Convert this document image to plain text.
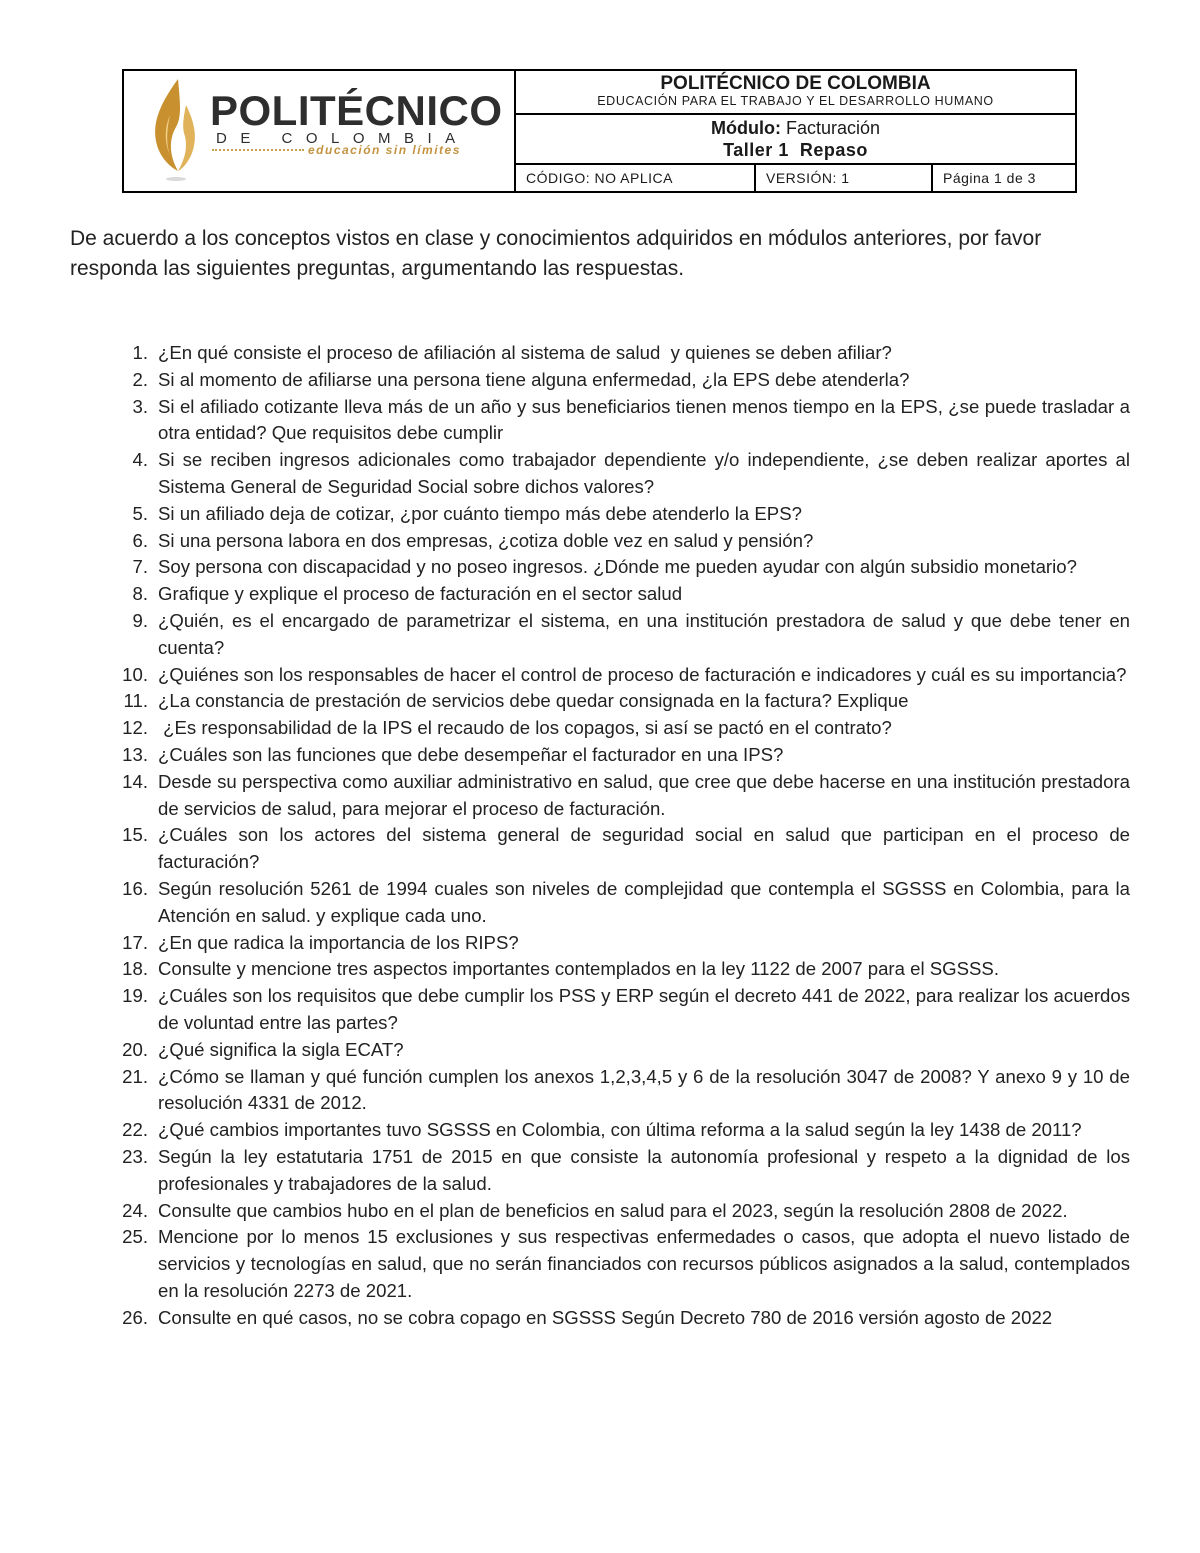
POLITÉCNICO
DE COLOMBIA
educación sin límites
POLITÉCNICO DE COLOMBIA
EDUCACIÓN PARA EL TRABAJO Y EL DESARROLLO HUMANO
Módulo: Facturación
Taller 1  Repaso
CÓDIGO: NO APLICA	VERSIÓN: 1	Página 1 de 3
De acuerdo a los conceptos vistos en clase y conocimientos adquiridos en módulos anteriores, por favor responda las siguientes preguntas, argumentando las respuestas.
1. ¿En qué consiste el proceso de afiliación al sistema de salud  y quienes se deben afiliar?
2. Si al momento de afiliarse una persona tiene alguna enfermedad, ¿la EPS debe atenderla?
3. Si el afiliado cotizante lleva más de un año y sus beneficiarios tienen menos tiempo en la EPS, ¿se puede trasladar a otra entidad? Que requisitos debe cumplir
4. Si se reciben ingresos adicionales como trabajador dependiente y/o independiente, ¿se deben realizar aportes al Sistema General de Seguridad Social sobre dichos valores?
5. Si un afiliado deja de cotizar, ¿por cuánto tiempo más debe atenderlo la EPS?
6. Si una persona labora en dos empresas, ¿cotiza doble vez en salud y pensión?
7. Soy persona con discapacidad y no poseo ingresos. ¿Dónde me pueden ayudar con algún subsidio monetario?
8. Grafique y explique el proceso de facturación en el sector salud
9. ¿Quién, es el encargado de parametrizar el sistema, en una institución prestadora de salud y que debe tener en cuenta?
10. ¿Quiénes son los responsables de hacer el control de proceso de facturación e indicadores y cuál es su importancia?
11. ¿La constancia de prestación de servicios debe quedar consignada en la factura? Explique
12. ¿Es responsabilidad de la IPS el recaudo de los copagos, si así se pactó en el contrato?
13. ¿Cuáles son las funciones que debe desempeñar el facturador en una IPS?
14. Desde su perspectiva como auxiliar administrativo en salud, que cree que debe hacerse en una institución prestadora de servicios de salud, para mejorar el proceso de facturación.
15. ¿Cuáles son los actores del sistema general de seguridad social en salud que participan en el proceso de facturación?
16. Según resolución 5261 de 1994 cuales son niveles de complejidad que contempla el SGSSS en Colombia, para la Atención en salud. y explique cada uno.
17. ¿En que radica la importancia de los RIPS?
18. Consulte y mencione tres aspectos importantes contemplados en la ley 1122 de 2007 para el SGSSS.
19. ¿Cuáles son los requisitos que debe cumplir los PSS y ERP según el decreto 441 de 2022, para realizar los acuerdos de voluntad entre las partes?
20. ¿Qué significa la sigla ECAT?
21. ¿Cómo se llaman y qué función cumplen los anexos 1,2,3,4,5 y 6 de la resolución 3047 de 2008? Y anexo 9 y 10 de resolución 4331 de 2012.
22. ¿Qué cambios importantes tuvo SGSSS en Colombia, con última reforma a la salud según la ley 1438 de 2011?
23. Según la ley estatutaria 1751 de 2015 en que consiste la autonomía profesional y respeto a la dignidad de los profesionales y trabajadores de la salud.
24. Consulte que cambios hubo en el plan de beneficios en salud para el 2023, según la resolución 2808 de 2022.
25. Mencione por lo menos 15 exclusiones y sus respectivas enfermedades o casos, que adopta el nuevo listado de servicios y tecnologías en salud, que no serán financiados con recursos públicos asignados a la salud, contemplados en la resolución 2273 de 2021.
26. Consulte en qué casos, no se cobra copago en SGSSS Según Decreto 780 de 2016 versión agosto de 2022
